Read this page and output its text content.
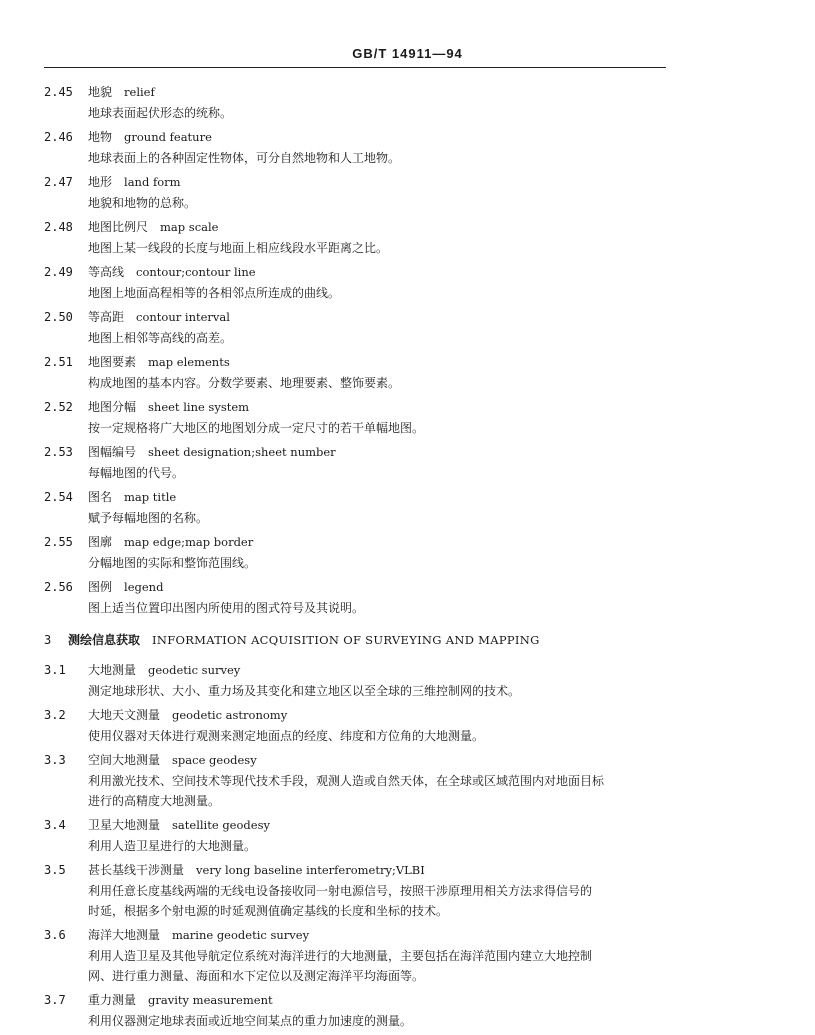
GB/T 14911—94
2.45 地貌 relief
地球表面起伏形态的统称。
2.46 地物 ground feature
地球表面上的各种固定性物体，可分自然地物和人工地物。
2.47 地形 land form
地貌和地物的总称。
2.48 地图比例尺 map scale
地图上某一线段的长度与地面上相应线段水平距离之比。
2.49 等高线 contour;contour line
地图上地面高程相等的各相邻点所连成的曲线。
2.50 等高距 contour interval
地图上相邻等高线的高差。
2.51 地图要素 map elements
构成地图的基本内容。分数学要素、地理要素、整饰要素。
2.52 地图分幅 sheet line system
按一定规格将广大地区的地图划分成一定尺寸的若干单幅地图。
2.53 图幅编号 sheet designation;sheet number
每幅地图的代号。
2.54 图名 map title
赋予每幅地图的名称。
2.55 图廓 map edge;map border
分幅地图的实际和整饰范围线。
2.56 图例 legend
图上适当位置印出图内所使用的图式符号及其说明。
3 测绘信息获取 INFORMATION ACQUISITION OF SURVEYING AND MAPPING
3.1 大地测量 geodetic survey
测定地球形状、大小、重力场及其变化和建立地区以至全球的三维控制网的技术。
3.2 大地天文测量 geodetic astronomy
使用仪器对天体进行观测来测定地面点的经度、纬度和方位角的大地测量。
3.3 空间大地测量 space geodesy
利用激光技术、空间技术等现代技术手段，观测人造或自然天体，在全球或区域范围内对地面目标
进行的高精度大地测量。
3.4 卫星大地测量 satellite geodesy
利用人造卫星进行的大地测量。
3.5 甚长基线干涉测量 very long baseline interferometry;VLBI
利用任意长度基线两端的无线电设备接收同一射电源信号，按照干涉原理用相关方法求得信号的
时延，根据多个射电源的时延观测值确定基线的长度和坐标的技术。
3.6 海洋大地测量 marine geodetic survey
利用人造卫星及其他导航定位系统对海洋进行的大地测量，主要包括在海洋范围内建立大地控制
网、进行重力测量、海面和水下定位以及测定海洋平均海面等。
3.7 重力测量 gravity measurement
利用仪器测定地球表面或近地空间某点的重力加速度的测量。
